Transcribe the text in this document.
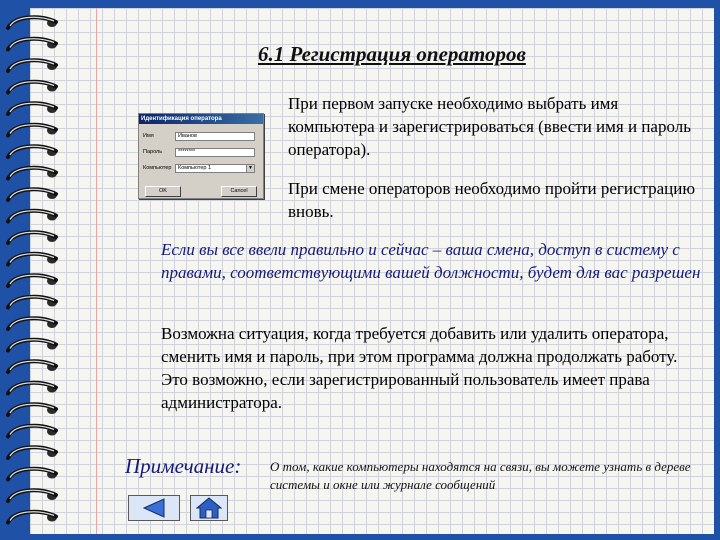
6.1 Регистрация операторов
Идентификация оператора
Имя	Иванов
Пароль	********
Компьютер	Компьютер 1	▼
OK	Cancel
При первом запуске необходимо выбрать имя компьютера и зарегистрироваться (ввести имя и пароль оператора).
При смене операторов необходимо пройти регистрацию вновь.
Если вы все ввели правильно и сейчас – ваша смена, доступ в систему с правами, соответствующими вашей должности, будет для вас разрешен
Возможна ситуация, когда требуется добавить или удалить оператора, сменить имя и пароль, при этом программа должна продолжать работу. Это возможно, если зарегистрированный пользователь имеет права администратора.
Примечание: О том, какие компьютеры находятся на связи, вы можете узнать в дереве системы и окне или журнале сообщений
